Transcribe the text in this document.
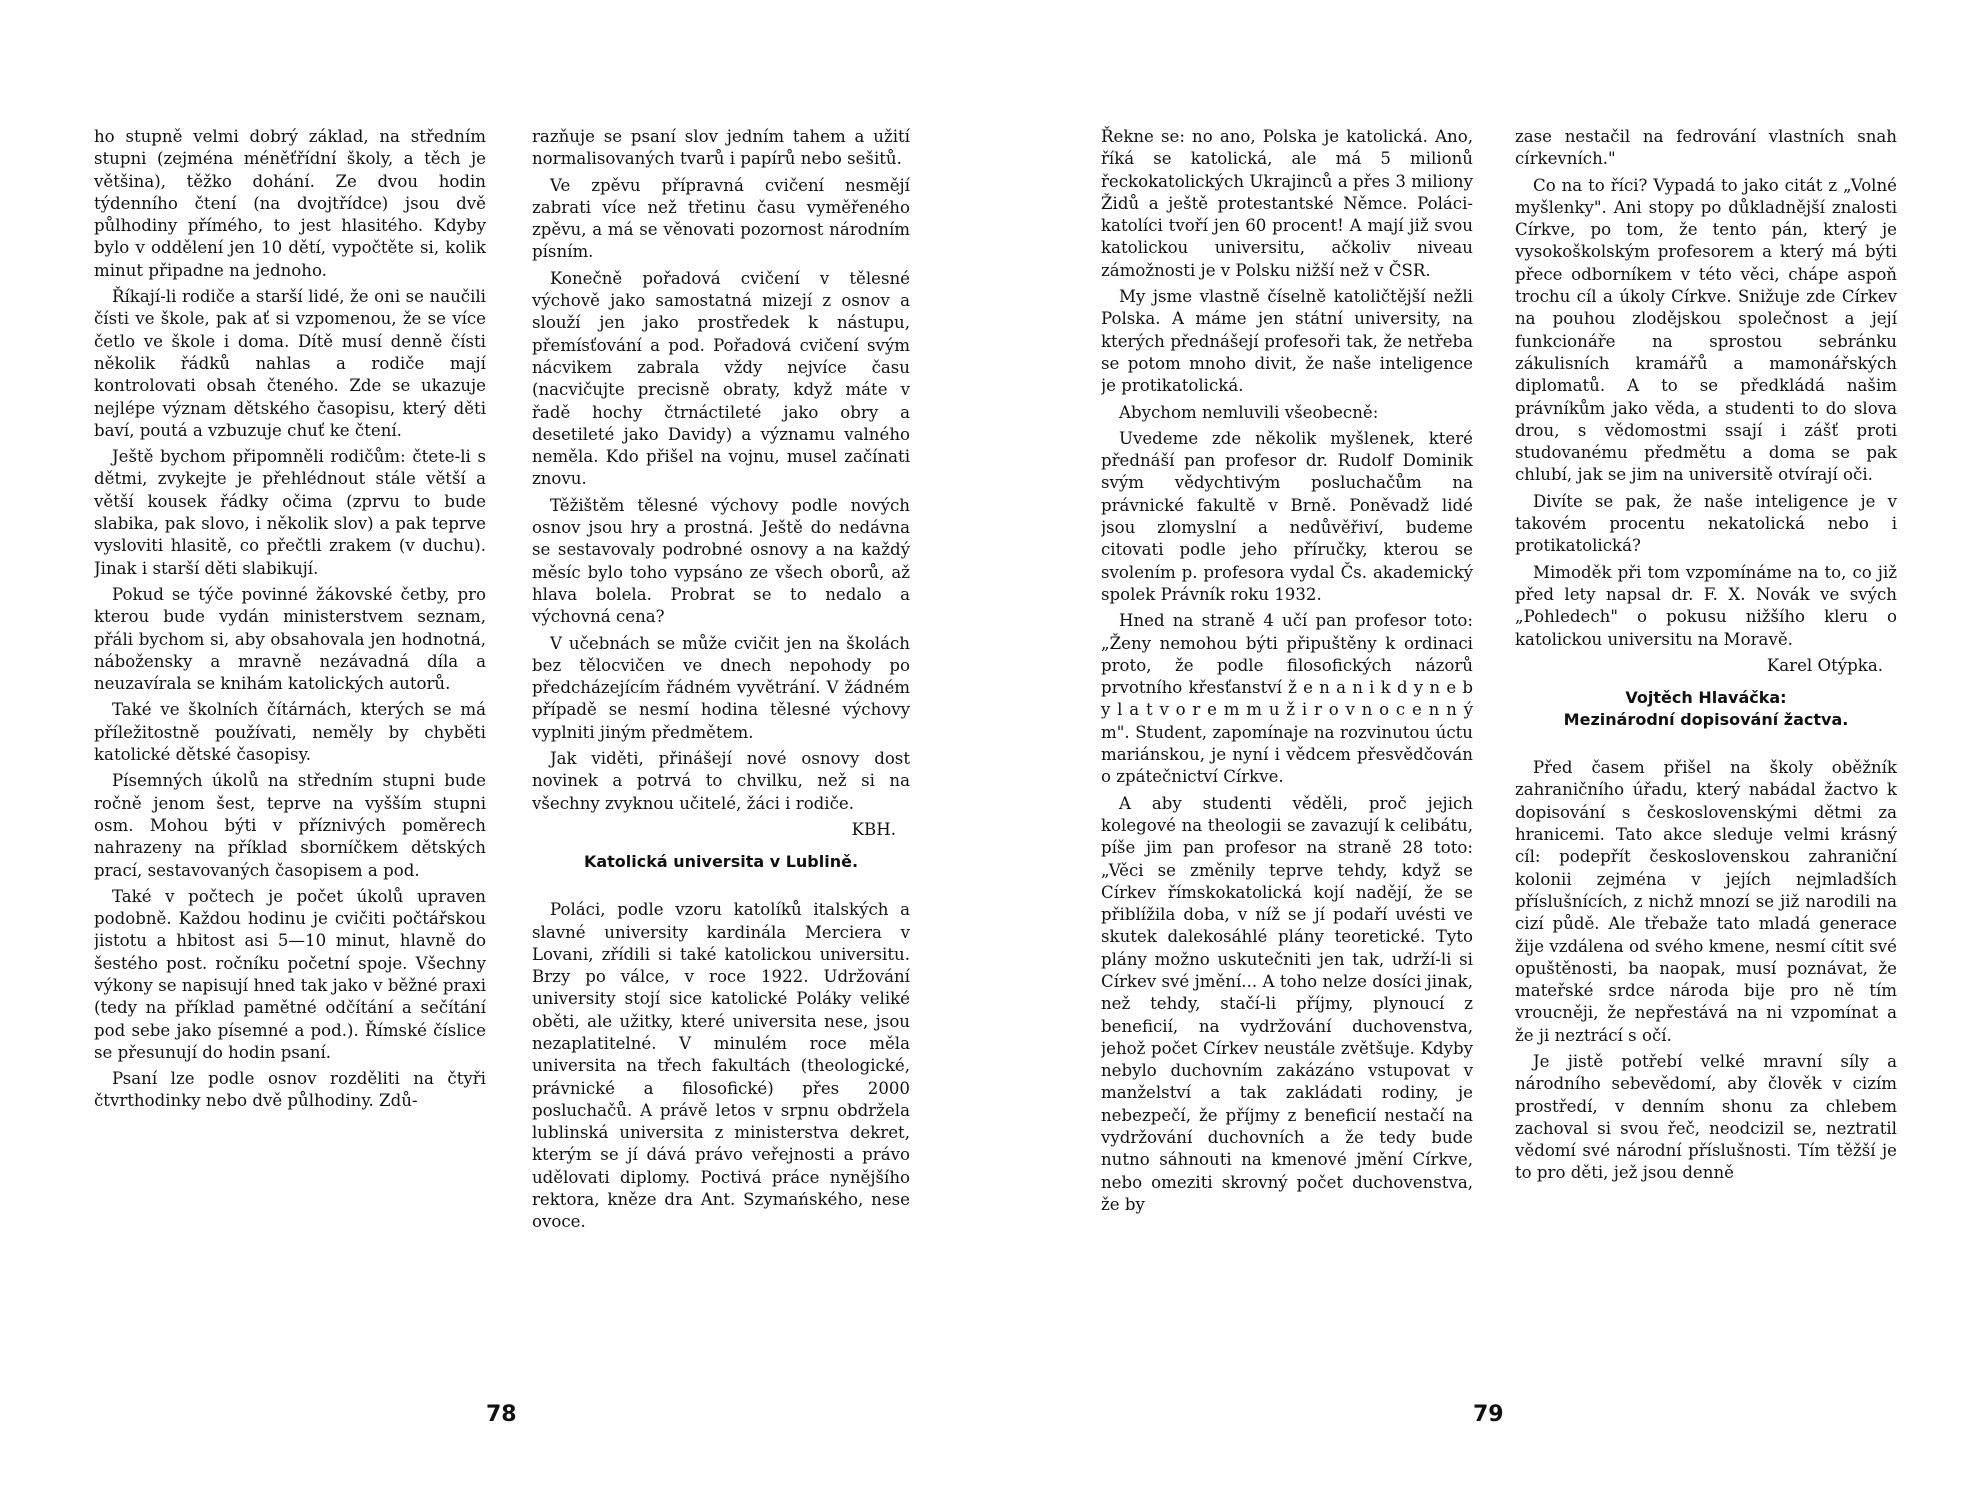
ho stupně velmi dobrý základ, na středním stupni (zejména méněťřídní školy, a těch je většina), těžko dohání. Ze dvou hodin týdenního čtení (na dvojtřídce) jsou dvě půlhodiny přímého, to jest hlasitého. Kdyby bylo v oddělení jen 10 dětí, vypočtěte si, kolik minut připadne na jednoho.

Říkají-li rodiče a starší lidé, že oni se naučili čísti ve škole, pak ať si vzpomenou, že se více četlo ve škole i doma. Dítě musí denně čísti několik řádků nahlas a rodiče mají kontrolovati obsah čteného. Zde se ukazuje nejlépe význam dětského časopisu, který děti baví, poutá a vzbuzuje chuť ke čtení.

Ještě bychom připomněli rodičům: čtete-li s dětmi, zvykejte je přehlédnout stále větší a větší kousek řádky očima (zprvu to bude slabika, pak slovo, i několik slov) a pak teprve vysloviti hlasitě, co přečtli zrakem (v duchu). Jinak i starší děti slabikují.

Pokud se týče povinné žákovské četby, pro kterou bude vydán ministerstvem seznam, přáli bychom si, aby obsahovala jen hodnotná, nábožensky a mravně nezávadná díla a neuzavírala se knihám katolických autorů.

Také ve školních čítárnách, kterých se má příležitostně používati, neměly by chyběti katolické dětské časopisy.

Písemných úkolů na středním stupni bude ročně jenom šest, teprve na vyšším stupni osm. Mohou býti v příznivých poměrech nahrazeny na příklad sborníčkem dětských prací, sestavovaných časopisem a pod.

Také v počtech je počet úkolů upraven podobně. Každou hodinu je cvičiti počtářskou jistotu a hbitost asi 5—10 minut, hlavně do šestého post. ročníku početní spoje. Všechny výkony se napisují hned tak jako v běžné praxi (tedy na příklad pamětné odčítání a sečítání pod sebe jako písemné a pod.). Římské číslice se přesunují do hodin psaní.

Psaní lze podle osnov rozděliti na čtyři čtvrthodinky nebo dvě půlhodiny. Zdů-

razňuje se psaní slov jedním tahem a užití normalisovaných tvarů i papírů nebo sešitů.

Ve zpěvu přípravná cvičení nesmějí zabrati více než třetinu času vyměřeného zpěvu, a má se věnovati pozornost národním písním.

Konečně pořadová cvičení v tělesné výchově jako samostatná mizejí z osnov a slouží jen jako prostředek k nástupu, přemísťování a pod. Pořadová cvičení svým nácvikem zabrala vždy nejvíce času (nacvičujte precisně obraty, když máte v řadě hochy čtrnáctileté jako obry a desetileté jako Davidy) a významu valného neměla. Kdo přišel na vojnu, musel začínati znovu.

Těžištěm tělesné výchovy podle nových osnov jsou hry a prostná. Ještě do nedávna se sestavovaly podrobné osnovy a na každý měsíc bylo toho vypsáno ze všech oborů, až hlava bolela. Probrat se to nedalo a výchovná cena?

V učebnách se může cvičit jen na školách bez tělocvičen ve dnech nepohody po předcházejícím řádném vyvětrání. V žádném případě se nesmí hodina tělesné výchovy vyplniti jiným předmětem.

Jak viděti, přinášejí nové osnovy dost novinek a potrvá to chvilku, než si na všechny zvyknou učitelé, žáci i rodiče.

KBH.

Katolická universita v Lublině.

Poláci, podle vzoru katolíků italských a slavné university kardinála Merciera v Lovani, zřídili si také katolickou universitu. Brzy po válce, v roce 1922. Udržování university stojí sice katolické Poláky veliké oběti, ale užitky, které universita nese, jsou nezaplatitelné. V minulém roce měla universita na třech fakultách (theologické, právnické a filosofické) přes 2000 posluchačů. A právě letos v srpnu obdržela lublinská universita z ministerstva dekret, kterým se jí dává právo veřejnosti a právo udělovati diplomy. Poctivá práce nynějšího rektora, kněze dra Ant. Szymańského, nese ovoce.

78

Řekne se: no ano, Polska je katolická. Ano, říká se katolická, ale má 5 milionů řeckokatolických Ukrajinců a přes 3 miliony Židů a ještě protestantské Němce. Poláci-katolíci tvoří jen 60 procent! A mají již svou katolickou universitu, ačkoliv niveau zámožnosti je v Polsku nižší než v ČSR.

My jsme vlastně číselně katoličtější nežli Polska. A máme jen státní university, na kterých přednášejí profesoři tak, že netřeba se potom mnoho divit, že naše inteligence je protikatolická.

Abychom nemluvili všeobecně:

Uvedeme zde několik myšlenek, které přednáší pan profesor dr. Rudolf Dominik svým vědychtivým posluchačům na právnické fakultě v Brně. Poněvadž lidé jsou zlomyslní a nedůvěřiví, budeme citovati podle jeho příručky, kterou se svolením p. profesora vydal Čs. akademický spolek Právník roku 1932.

Hned na straně 4 učí pan profesor toto: „Ženy nemohou býti připuštěny k ordinaci proto, že podle filosofických názorů prvotního křesťanství ž e n a n i k d y n e b y l a t v o r e m m u ž i r o v n o c e n n ý m". Student, zapomínaje na rozvinutou úctu mariánskou, je nyní i vědcem přesvědčován o zpátečnictví Církve.

A aby studenti věděli, proč jejich kolegové na theologii se zavazují k celibátu, píše jim pan profesor na straně 28 toto: „Věci se změnily teprve tehdy, když se Církev římskokatolická kojí nadějí, že se přiblížila doba, v níž se jí podaří uvésti ve skutek dalekosáhlé plány teoretické. Tyto plány možno uskutečniti jen tak, udrží-li si Církev své jmění... A toho nelze dosíci jinak, než tehdy, stačí-li příjmy, plynoucí z beneficií, na vydržování duchovenstva, jehož počet Církev neustále zvětšuje. Kdyby nebylo duchovním zakázáno vstupovat v manželství a tak zakládati rodiny, je nebezpečí, že příjmy z beneficií nestačí na vydržování duchovních a že tedy bude nutno sáhnouti na kmenové jmění Církve, nebo omeziti skrovný počet duchovenstva, že by

zase nestačil na fedrování vlastních snah církevních."

Co na to říci? Vypadá to jako citát z „Volné myšlenky". Ani stopy po důkladnější znalosti Církve, po tom, že tento pán, který je vysokoškolským profesorem a který má býti přece odborníkem v této věci, chápe aspoň trochu cíl a úkoly Církve. Snižuje zde Církev na pouhou zlodějskou společnost a její funkcionáře na sprostou sebránku zákulisních kramářů a mamonářských diplomatů. A to se předkládá našim právníkům jako věda, a studenti to do slova drou, s vědomostmi ssají i zášť proti studovanému předmětu a doma se pak chlubí, jak se jim na universitě otvírají oči.

Divíte se pak, že naše inteligence je v takovém procentu nekatolická nebo i protikatolická?

Mimoděk při tom vzpomínáme na to, co již před lety napsal dr. F. X. Novák ve svých „Pohledech" o pokusu nižšího kleru o katolickou universitu na Moravě.

Karel Otýpka.

Vojtěch Hlaváčka:

Mezinárodní dopisování žactva.

Před časem přišel na školy oběžník zahraničního úřadu, který nabádal žactvo k dopisování s československými dětmi za hranicemi. Tato akce sleduje velmi krásný cíl: podepřít československou zahraniční kolonii zejména v jejích nejmladších příslušnících, z nichž mnozí se již narodili na cizí půdě. Ale třebaže tato mladá generace žije vzdálena od svého kmene, nesmí cítit své opuštěnosti, ba naopak, musí poznávat, že mateřské srdce národa bije pro ně tím vroucněji, že nepřestává na ni vzpomínat a že ji neztrácí s očí.

Je jistě potřebí velké mravní síly a národního sebevědomí, aby člověk v cizím prostředí, v denním shonu za chlebem zachoval si svou řeč, neodcizil se, neztratil vědomí své národní příslušnosti. Tím těžší je to pro děti, jež jsou denně

79
